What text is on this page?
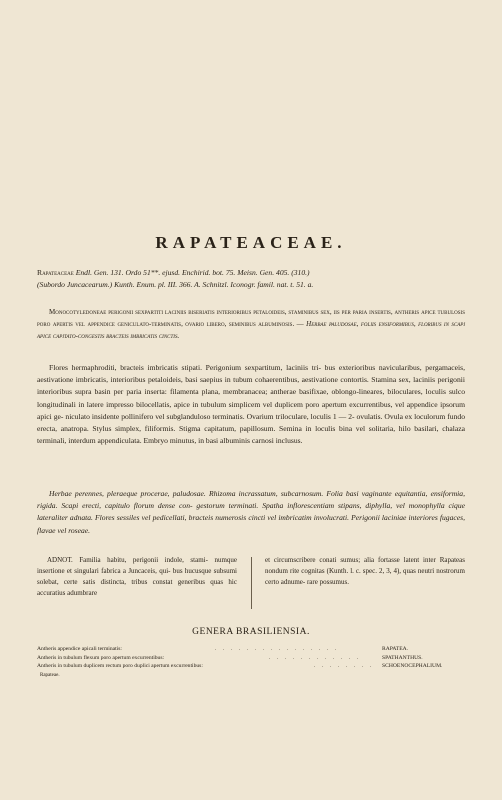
RAPATEACEAE.
Rapateaceae Endl. Gen. 131. Ordo 51**. ejusd. Enchirid. bot. 75. Meisn. Gen. 405. (310.)
(Subordo Juncacearum.) Kunth. Enum. pl. III. 366. A. Schnitzl. Iconogr. famil. nat. t. 51. a.
Monocotyledoneae perigonii sexpartiti laciniis biseriatis interioribus petaloideis, staminibus sex, iis per paria insertis, antheris apice tubulosis poro apertis vel appendice geniculato-terminatis, ovario libero, seminibus albuminosis. — Herbae paludosae, foliis ensiformibus, floribus in scapi apice capitato-congestis bracteis imbricatis cinctis.
Flores hermaphroditi, bracteis imbricatis stipati. Perigonium sexpartitum, laciniis tri- bus exterioribus navicularibus, pergamaceis, aestivatione imbricatis, interioribus petaloideis, basi saepius in tubum cohaerentibus, aestivatione contortis. Stamina sex, laciniis perigonii interioribus supra basin per paria inserta: filamenta plana, membranacea; antherae basifixae, oblongo-lineares, biloculares, loculis sulco longitudinali in latere impresso bilocellatis, apice in tubulum simplicem vel duplicem poro apertum excurrentibus, vel appendice ipsorum apici ge- niculato insidente pollinifero vel subglanduloso terminatis. Ovarium triloculare, loculis 1 — 2- ovulatis. Ovula ex loculorum fundo erecta, anatropa. Stylus simplex, filiformis. Stigma capitatum, papillosum. Semina in loculis bina vel solitaria, hilo basilari, chalaza terminali, interdum appendiculata. Embryo minutus, in basi albuminis carnosi inclusus.
Herbae perennes, pleraeque procerae, paludosae. Rhizoma incrassatum, subcarnosum. Folia basi vaginante equitantia, ensiformia, rigida. Scapi erecti, capitulo florum dense con- gestorum terminati. Spatha inflorescentiam stipans, diphylla, vel monophylla cique lateraliter adnata. Flores sessiles vel pedicellati, bracteis numerosis cincti vel imbricatim involucrati. Perigonii laciniae interiores fugaces, flavae vel roseae.
ADNOT. Familia habitu, perigonii indole, stami- numque insertione et singulari fabrica a Juncaceis, qui- bus hucusque subsumi solebat, certe satis distincta, tribus constat generibus quas hic accuratius adumbrare
et circumscribere conati sumus; alia fortasse latent inter Rapateas nondum rite cognitas (Kunth. l. c. spec. 2, 3, 4), quas neutri nostrorum certo adnume- rare possumus.
GENERA BRASILIENSIA.
Antheris appendice apicali terminatis:	. . . . . . . . . . . . . . . .	RAPATEA.
Antheris in tubulum flexum poro apertum excurrentibus:	. . . . . . . . . . . .	SPATHANTHUS.
Antheris in tubulum duplicem rectum poro duplici apertum excurrentibus:	. . . . . . . . SCHOENOCEPHALIUM.
Rapateae.
